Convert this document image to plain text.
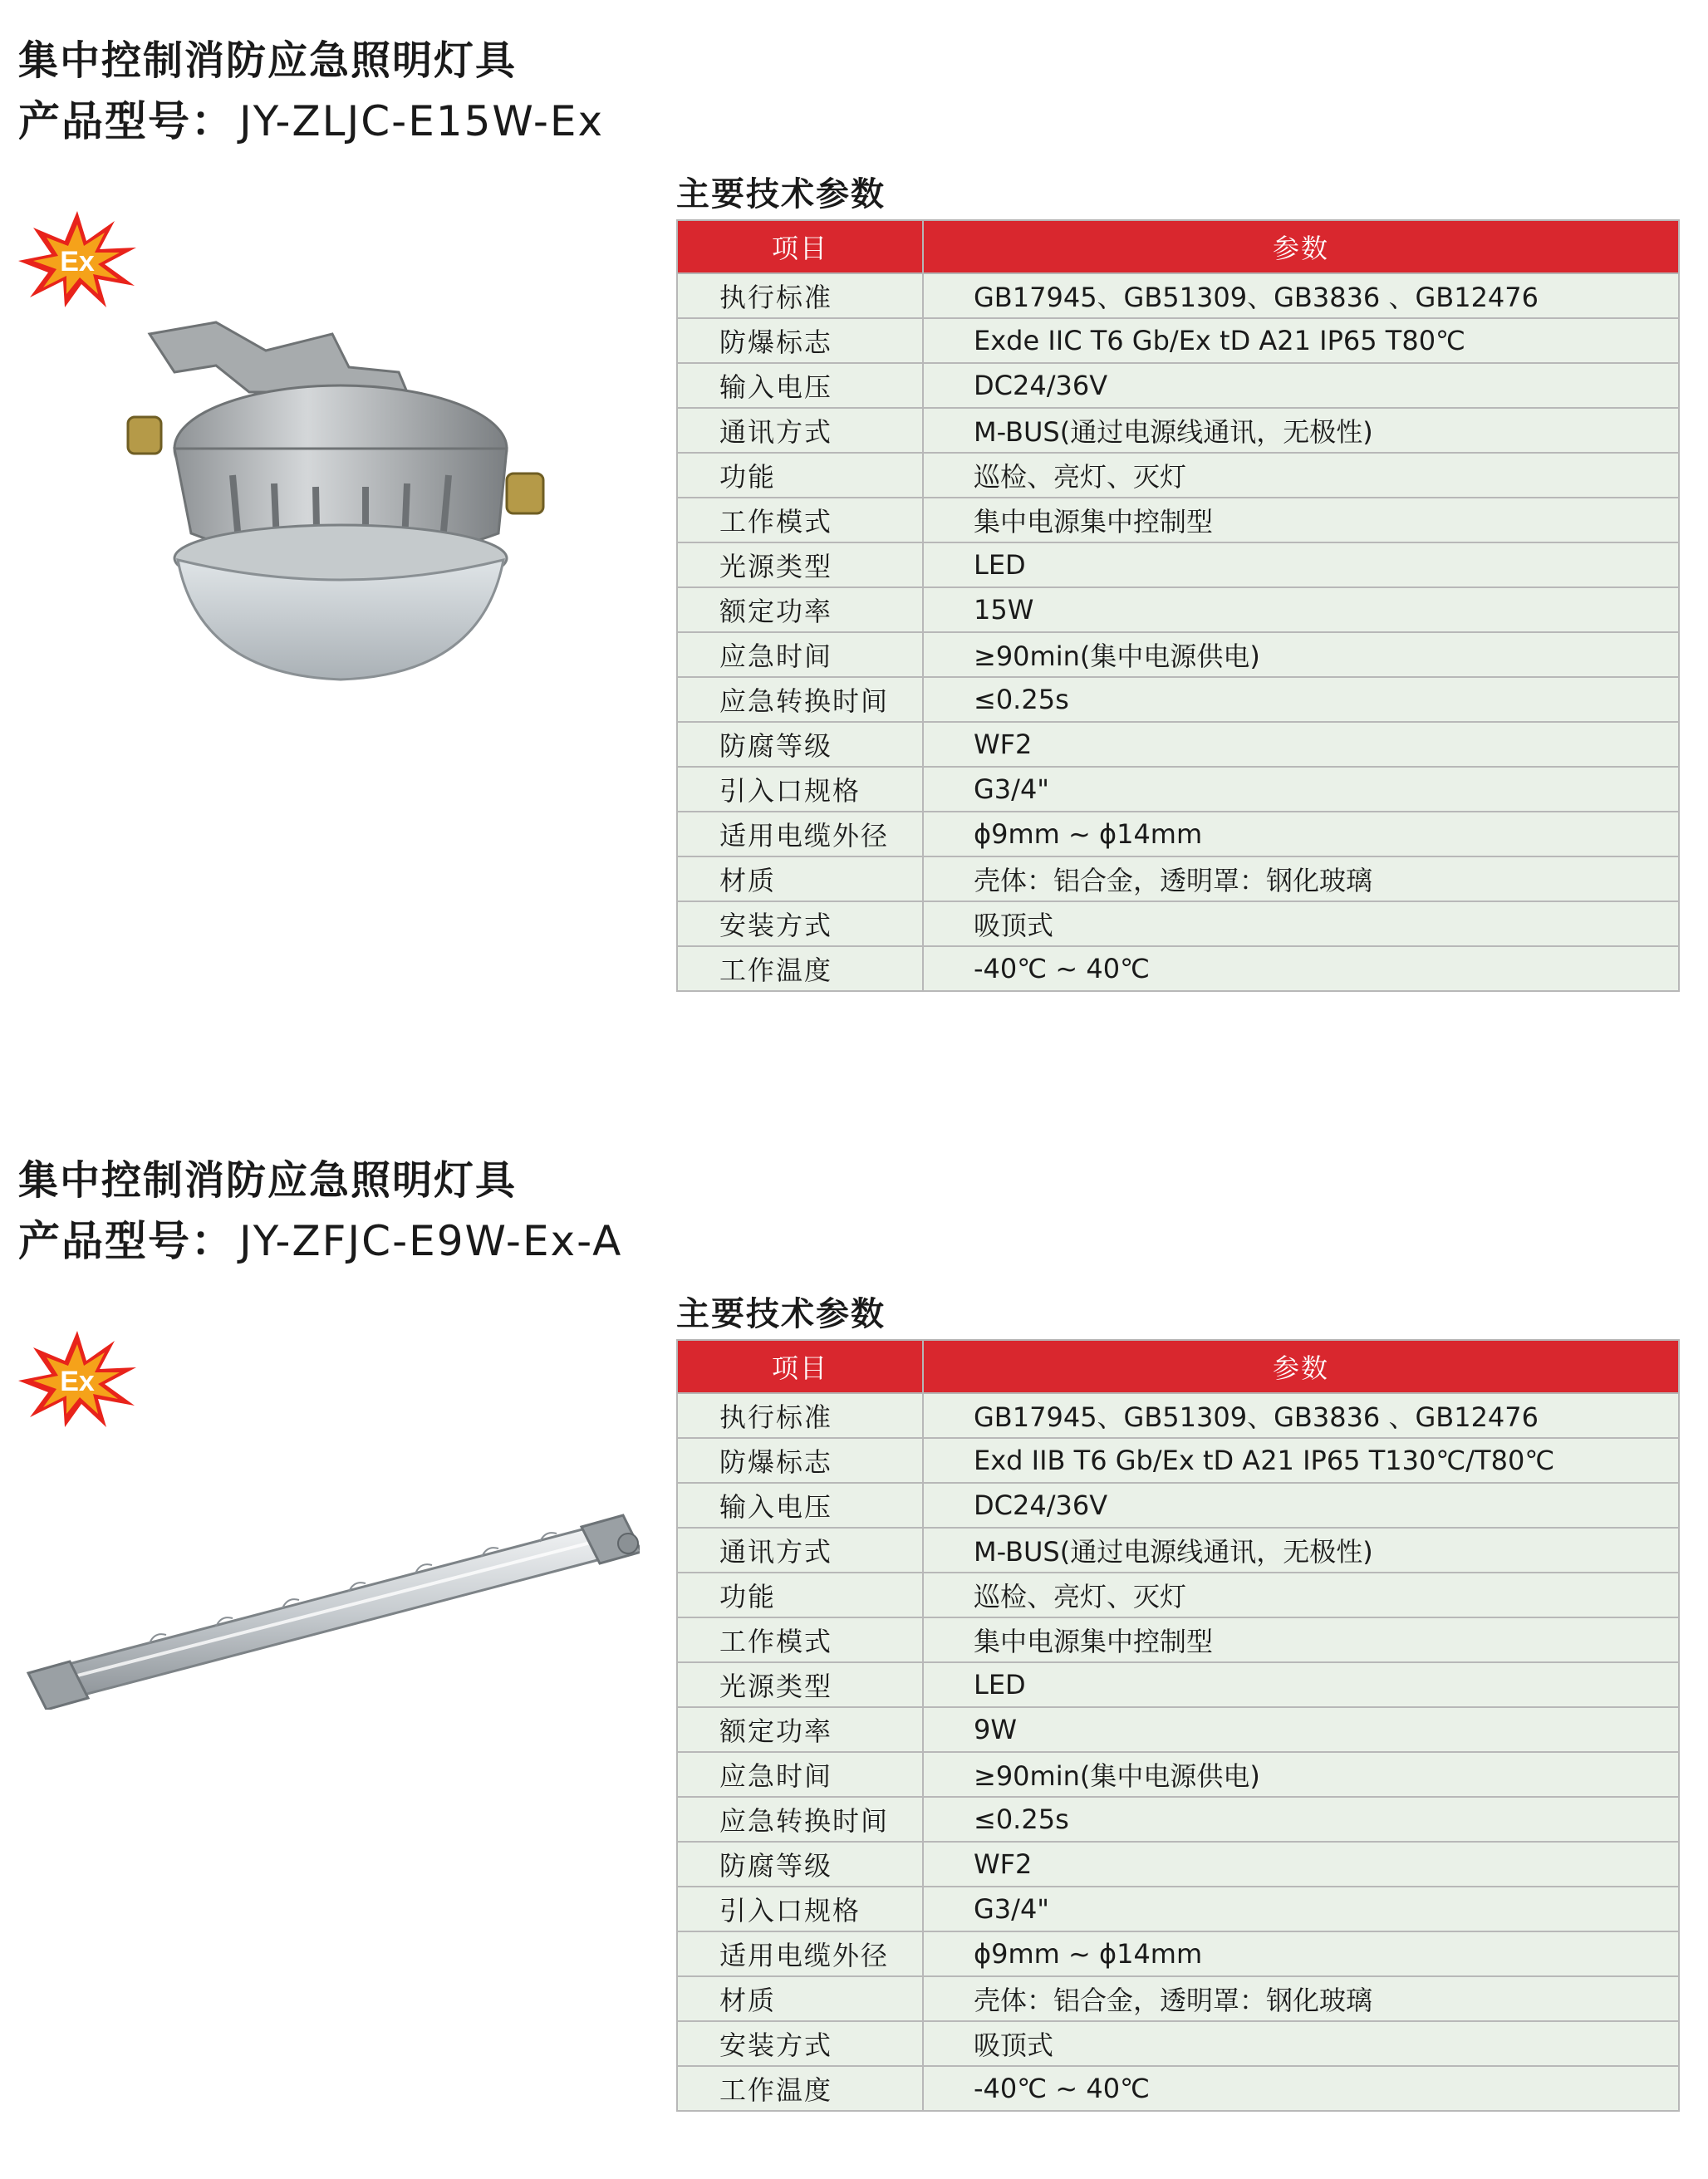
集中控制消防应急照明灯具
产品型号： JY-ZLJC-E15W-Ex
Ex
主要技术参数
项目	参数
执行标准	GB17945、GB51309、GB3836 、GB12476
防爆标志	Exde IIC T6 Gb/Ex tD A21 IP65 T80℃
输入电压	DC24/36V
通讯方式	M-BUS(通过电源线通讯，无极性)
功能	巡检、亮灯、灭灯
工作模式	集中电源集中控制型
光源类型	LED
额定功率	15W
应急时间	≥90min(集中电源供电)
应急转换时间	≤0.25s
防腐等级	WF2
引入口规格	G3/4"
适用电缆外径	ϕ9mm ~ ϕ14mm
材质	壳体：铝合金，透明罩：钢化玻璃
安装方式	吸顶式
工作温度	-40℃ ~ 40℃
集中控制消防应急照明灯具
产品型号： JY-ZFJC-E9W-Ex-A
Ex
主要技术参数
项目	参数
执行标准	GB17945、GB51309、GB3836 、GB12476
防爆标志	Exd IIB T6 Gb/Ex tD A21 IP65 T130℃/T80℃
输入电压	DC24/36V
通讯方式	M-BUS(通过电源线通讯，无极性)
功能	巡检、亮灯、灭灯
工作模式	集中电源集中控制型
光源类型	LED
额定功率	9W
应急时间	≥90min(集中电源供电)
应急转换时间	≤0.25s
防腐等级	WF2
引入口规格	G3/4"
适用电缆外径	ϕ9mm ~ ϕ14mm
材质	壳体：铝合金，透明罩：钢化玻璃
安装方式	吸顶式
工作温度	-40℃ ~ 40℃
